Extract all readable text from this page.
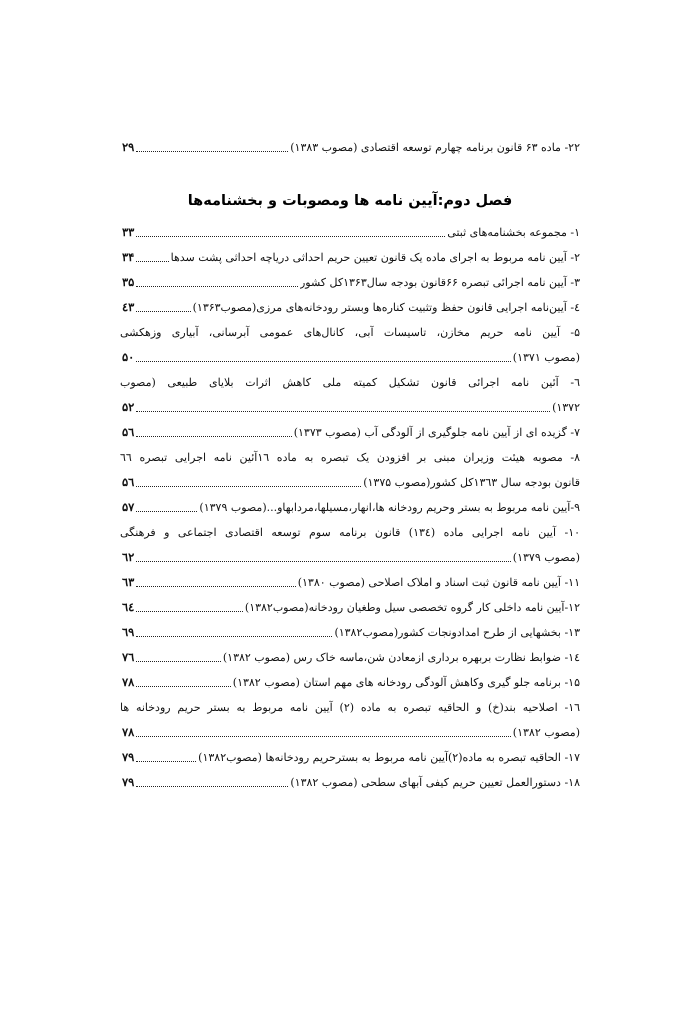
۲۲- ماده ۶۳ قانون برنامه چهارم توسعه اقتصادی (مصوب ۱۳۸۳)
۲۹
فصل دوم:آیین نامه ها ومصوبات و بخشنامه‌ها
۱- مجموعه بخشنامه‌های ثبتی
۳۳
۲- آیین نامه مربوط به اجرای ماده یک قانون تعیین حریم احداثی دریاچه احداثی پشت سدها
۳۴
۳- آیین نامه اجرائی تبصره ۶۶قانون بودجه سال۱۳۶۳کل کشور
۳۵
٤- آیین‌نامه اجرایی قانون حفظ وتثبیت کناره‌ها وبستر رودخانه‌های مرزی(مصوب۱۳۶۳)
٤۳
۵- آیین نامه حریم مخازن، تاسیسات آبی، کانال‌های عمومی آبرسانی، آبیاری وزهکشی
(مصوب ۱۳۷۱)
۵۰
٦- آئین نامه اجرائی قانون تشکیل کمیته ملی کاهش اثرات بلایای طبیعی (مصوب
۱۳۷۲)
۵۲
۷- گزیده ای از آیین نامه جلوگیری از آلودگی آب (مصوب ۱۳۷۳)
۵٦
۸- مصوبه هیئت وزیران مبنی بر افزودن یک تبصره به ماده ۱٦آئین نامه اجرایی تبصره ٦٦
قانون بودجه سال ۱۳٦۳کل کشور(مصوب ۱۳۷۵)
۵٦
۹-آیین نامه مربوط به بستر وحریم رودخانه ها،انهار،مسیلها،مردابهاو...(مصوب ۱۳۷۹)
۵۷
۱۰- آیین نامه اجرایی ماده (۱۳٤) قانون برنامه سوم توسعه اقتصادی اجتماعی و فرهنگی
(مصوب ۱۳۷۹)
٦۲
۱۱- آیین نامه قانون ثبت اسناد و املاک اصلاحی (مصوب ۱۳۸۰)
٦۳
۱۲-آیین نامه داخلی کار گروه تخصصی سیل وطغیان رودخانه(مصوب۱۳۸۲)
٦٤
۱۳- بخشهایی از طرح امدادونجات کشور(مصوب۱۳۸۲)
٦۹
۱٤- ضوابط نظارت بربهره برداری ازمعادن شن،ماسه خاک رس (مصوب ۱۳۸۲)
۷٦
۱۵- برنامه جلو گیری وکاهش آلودگی رودخانه های مهم استان (مصوب ۱۳۸۲)
۷۸
۱٦- اصلاحیه بند(خ) و الحاقیه تبصره به ماده (۲) آیین نامه مربوط به بستر حریم رودخانه ها
(مصوب ۱۳۸۲)
۷۸
۱۷- الحاقیه تبصره به ماده(۲)آیین نامه مربوط به بسترحریم رودخانه‌ها (مصوب۱۳۸۲)
۷۹
۱۸- دستورالعمل تعیین حریم کیفی آبهای سطحی (مصوب ۱۳۸۲)
۷۹
